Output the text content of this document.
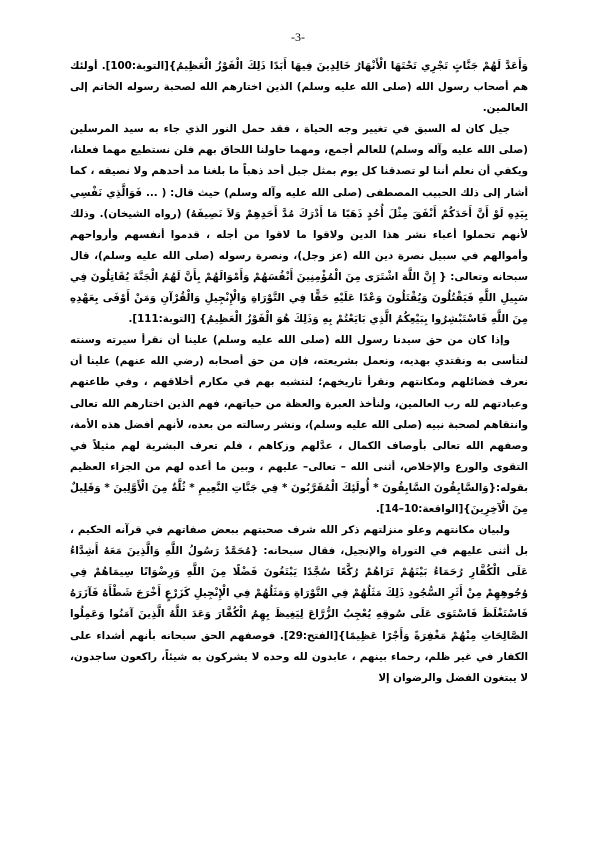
-3-

وَأَعَدَّ لَهُمْ جَنَّاتٍ تَجْرِي تَحْتَهَا الْأَنْهَارُ خَالِدِينَ فِيهَا أَبَدًا ذَلِكَ الْفَوْزُ الْعَظِيمُ}[التوبة:100]. أولئك هم أصحاب رسول الله (صلى الله عليه وسلم) الذين اختارهم الله لصحبة رسوله الخاتم إلى العالمين.

جيل كان له السبق في تغيير وجه الحياة ، فقد حمل النور الذي جاء به سيد المرسلين (صلى الله عليه وآله وسلم) للعالم أجمع، ومهما حاولنا اللحاق بهم فلن نستطيع مهما فعلنا، ويكفي أن نعلم أننا لو تصدقنا كل يوم بمثل جبل أحد ذهباً ما بلغنا مد أحدهم ولا نصيفه ، كما أشار إلى ذلك الحبيب المصطفى (صلى الله عليه وآله وسلم) حيث قال: ( ... فَوَالَّذِي نَفْسِي بِيَدِهِ لَوْ أَنَّ أَحَدَكُمْ أَنْفَقَ مِثْلَ أُحُدٍ ذَهَبًا مَا أَدْرَكَ مُدَّ أَحَدِهِمْ وَلاَ نَصِيفَهُ) (رواه الشيخان). وذلك لأنهم تحملوا أعباء نشر هذا الدين ولاقوا ما لاقوا من أجله ، قدموا أنفسهم وأرواحهم وأموالهم في سبيل نصرة دين الله (عز وجل)، ونصرة رسوله (صلى الله عليه وسلم)، قال سبحانه وتعالى: { إِنَّ اللَّهَ اشْتَرَى مِنَ الْمُؤْمِنِينَ أَنْفُسَهُمْ وَأَمْوَالَهُمْ بِأَنَّ لَهُمُ الْجَنَّةَ يُقَاتِلُونَ فِي سَبِيلِ اللَّهِ فَيَقْتُلُونَ وَيُقْتَلُونَ وَعْدًا عَلَيْهِ حَقًّا فِي التَّوْرَاةِ وَالْإِنْجِيلِ وَالْقُرْآنِ وَمَنْ أَوْفَى بِعَهْدِهِ مِنَ اللَّهِ فَاسْتَبْشِرُوا بِبَيْعِكُمُ الَّذِي بَايَعْتُمْ بِهِ وَذَلِكَ هُوَ الْفَوْزُ الْعَظِيمُ} [التوبة:111].

وإذا كان من حق سيدنا رسول الله (صلى الله عليه وسلم) علينا أن نقرأ سيرته وسنته لنتأسى به ونقتدي بهديه، ونعمل بشريعته، فإن من حق أصحابه (رضي الله عنهم) علينا أن نعرف فضائلهم ومكانتهم ونقرأ تاريخهم؛ لنتشبه بهم في مكارم أخلاقهم ، وفي طاعتهم وعبادتهم لله رب العالمين، ولنأخذ العبرة والعظة من حياتهم، فهم الذين اختارهم الله تعالى وانتقاهم لصحبة نبيه (صلى الله عليه وسلم)، ونشر رسالته من بعده، لأنهم أفضل هذه الأمة، وصفهم الله تعالى بأوصاف الكمال ، عدَّلهم وزكاهم ، فلم تعرف البشرية لهم مثيلاً في التقوى والورع والإخلاص، أثنى الله – تعالى– عليهم ، وبين ما أعده لهم من الجزاء العظيم بقوله:{وَالسَّابِقُونَ السَّابِقُونَ * أُولَئِكَ الْمُقَرَّبُونَ * فِي جَنَّاتِ النَّعِيمِ * ثُلَّةٌ مِنَ الْأَوَّلِينَ * وَقَلِيلٌ مِنَ الْآخِرِينَ}[الواقعة:10–14].

ولبيان مكانتهم وعلو منزلتهم ذكر الله شرف صحبتهم ببعض صفاتهم في قرآنه الحكيم ، بل أثنى عليهم في التوراة والإنجيل، فقال سبحانه: {مُحَمَّدٌ رَسُولُ اللَّهِ وَالَّذِينَ مَعَهُ أَشِدَّاءُ عَلَى الْكُفَّارِ رُحَمَاءُ بَيْنَهُمْ تَرَاهُمْ رُكَّعًا سُجَّدًا يَبْتَغُونَ فَضْلًا مِنَ اللَّهِ وَرِضْوَانًا سِيمَاهُمْ فِي وُجُوهِهِمْ مِنْ أَثَرِ السُّجُودِ ذَلِكَ مَثَلُهُمْ فِي التَّوْرَاةِ وَمَثَلُهُمْ فِي الْإِنْجِيلِ كَزَرْعٍ أَخْرَجَ شَطْأَهُ فَآزَرَهُ فَاسْتَغْلَظَ فَاسْتَوَى عَلَى سُوقِهِ يُعْجِبُ الزُّرَّاعَ لِيَغِيظَ بِهِمُ الْكُفَّارَ وَعَدَ اللَّهُ الَّذِينَ آمَنُوا وَعَمِلُوا الصَّالِحَاتِ مِنْهُمْ مَغْفِرَةً وَأَجْرًا عَظِيمًا}[الفتح:29]. فوصفهم الحق سبحانه بأنهم أشداء على الكفار في غير ظلم، رحماء بينهم ، عابدون لله وحده لا يشركون به شيئاً، راكعون ساجدون، لا يبتغون الفضل والرضوان إلا
